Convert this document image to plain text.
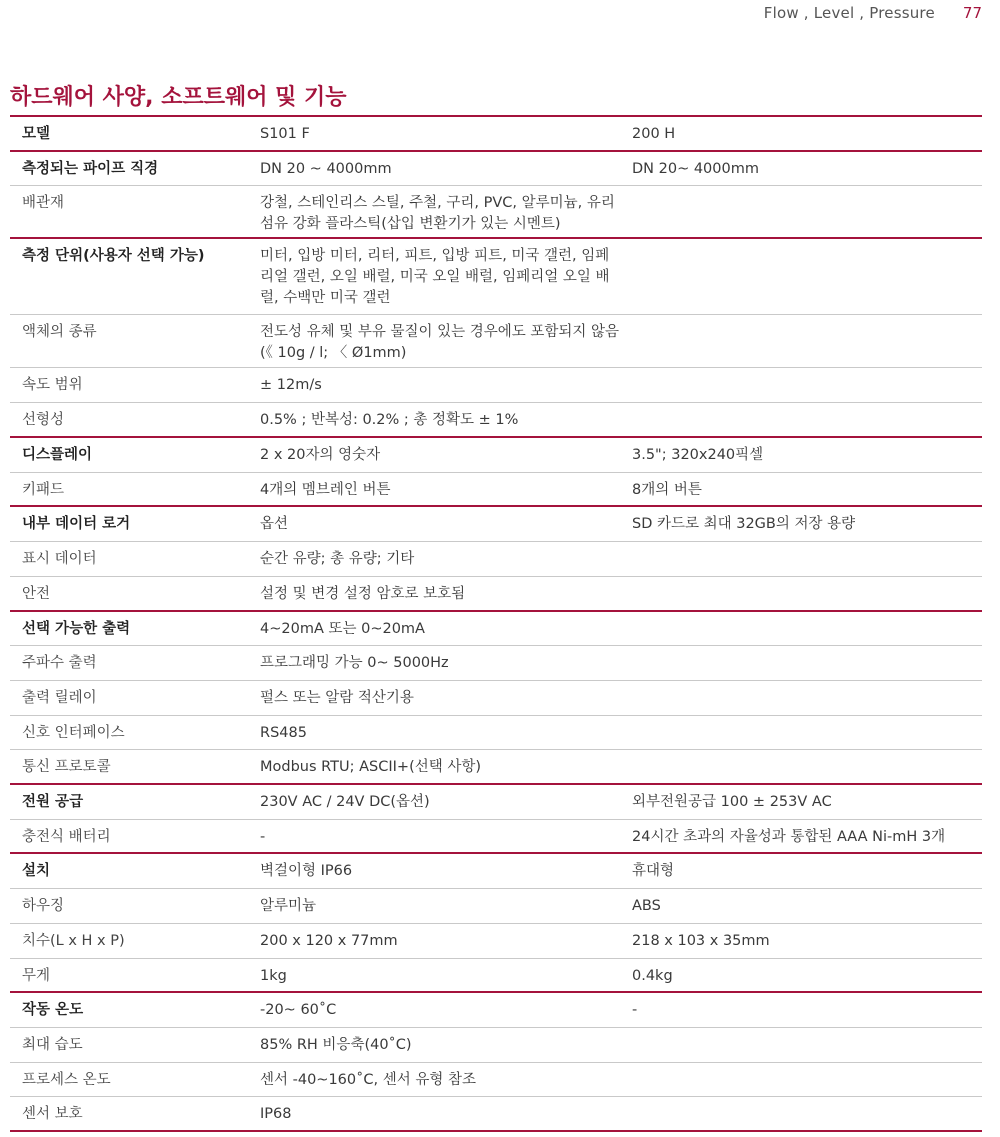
Flow , Level , Pressure 77
하드웨어 사양, 소프트웨어 및 기능
모델	S101 F	200 H
측정되는 파이프 직경	DN 20 ~ 4000mm	DN 20~ 4000mm
배관재	강철, 스테인리스 스틸, 주철, 구리, PVC, 알루미늄, 유리 섬유 강화 플라스틱(삽입 변환기가 있는 시멘트)	
측정 단위(사용자 선택 가능)	미터, 입방 미터, 리터, 피트, 입방 피트, 미국 갤런, 임페리얼 갤런, 오일 배럴, 미국 오일 배럴, 임페리얼 오일 배럴, 수백만 미국 갤런	
액체의 종류	전도성 유체 및 부유 물질이 있는 경우에도 포함되지 않음 (《 10g / l; 〈 Ø1mm)	
속도 범위	± 12m/s	
선형성	0.5% ; 반복성: 0.2% ; 총 정확도 ± 1%	
디스플레이	2 x 20자의 영숫자	3.5"; 320x240픽셀
키패드	4개의 멤브레인 버튼	8개의 버튼
내부 데이터 로거	옵션	SD 카드로 최대 32GB의 저장 용량
표시 데이터	순간 유량; 총 유량; 기타	
안전	설정 및 변경 설정 암호로 보호됨	
선택 가능한 출력	4~20mA 또는 0~20mA	
주파수 출력	프로그래밍 가능 0~ 5000Hz	
출력 릴레이	펄스 또는 알람 적산기용	
신호 인터페이스	RS485	
통신 프로토콜	Modbus RTU; ASCII+(선택 사항)	
전원 공급	230V AC / 24V DC(옵션)	외부전원공급 100 ± 253V AC
충전식 배터리	-	24시간 초과의 자율성과 통합된 AAA Ni-mH 3개
설치	벽걸이형 IP66	휴대형
하우징	알루미늄	ABS
치수(L x H x P)	200 x 120 x 77mm	218 x 103 x 35mm
무게	1kg	0.4kg
작동 온도	-20~ 60˚C	-
최대 습도	85% RH 비응축(40˚C)	
프로세스 온도	센서 -40~160˚C, 센서 유형 참조	
센서 보호	IP68	
